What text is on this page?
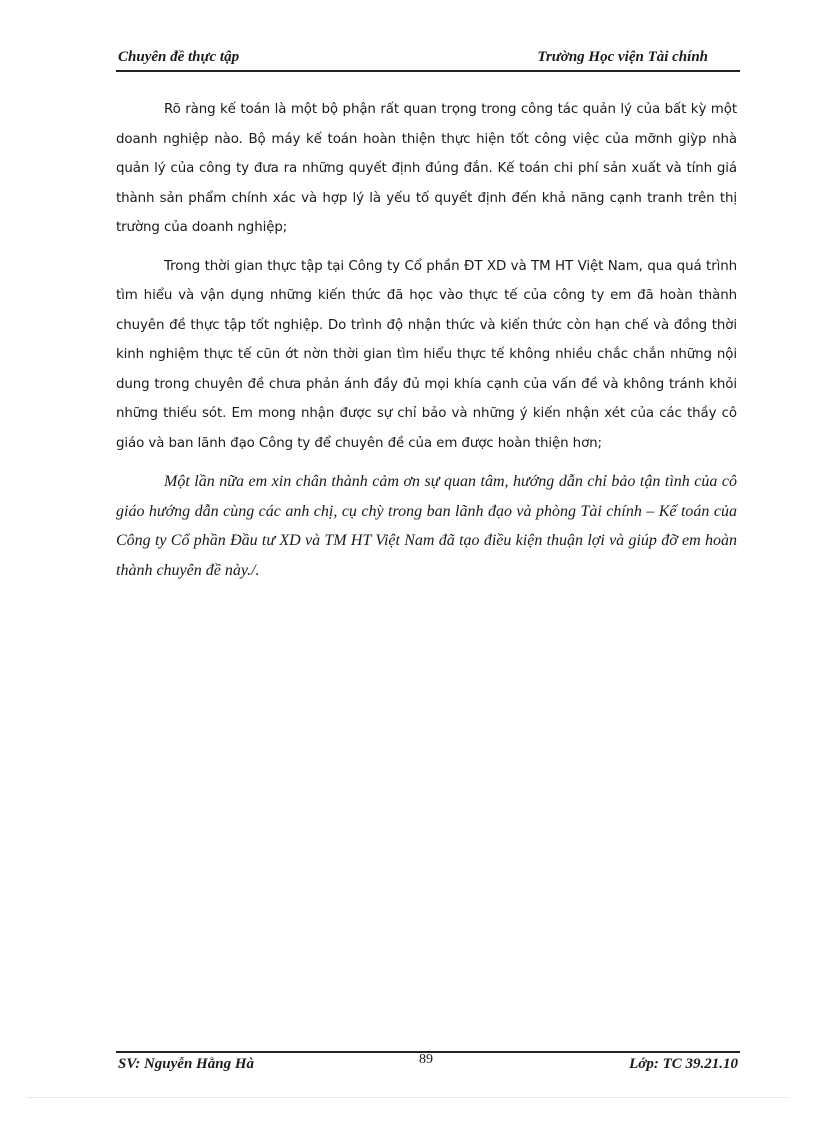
Chuyên đề thực tập	Trường Học viện Tài chính

Rõ ràng kế toán là một bộ phận rất quan trọng trong công tác quản lý của bất kỳ một doanh nghiệp nào. Bộ máy kế toán hoàn thiện thực hiện tốt công việc của mỡnh giỳp nhà quản lý của công ty đưa ra những quyết định đúng đắn. Kế toán chi phí sản xuất và tính giá thành sản phẩm chính xác và hợp lý là yếu tố quyết định đến khả năng cạnh tranh trên thị trường của doanh nghiệp;

Trong thời gian thực tập tại Công ty Cổ phần ĐT XD và TM HT Việt Nam, qua quá trình tìm hiểu và vận dụng những kiến thức đã học vào thực tế của công ty em đã hoàn thành chuyên đề thực tập tốt nghiệp. Do trình độ nhận thức và kiến thức còn hạn chế và đồng thời kinh nghiệm thực tế cũn ớt nờn thời gian tìm hiểu thực tế không nhiều chắc chắn những nội dung trong chuyên đề chưa phản ánh đầy đủ mọi khía cạnh của vấn đề và không tránh khỏi những thiếu sót. Em mong nhận được sự chỉ bảo và những ý kiến nhận xét của các thầy cô giáo và ban lãnh đạo Công ty để chuyên đề của em được hoàn thiện hơn;

Một lần nữa em xin chân thành cảm ơn sự quan tâm, hướng dẫn chỉ bảo tận tình của cô giáo hướng dẫn cùng các anh chị, cụ chỳ trong ban lãnh đạo và phòng Tài chính – Kế toán của Công ty Cổ phần Đầu tư XD và TM HT Việt Nam đã tạo điều kiện thuận lợi và giúp đỡ em hoàn thành chuyên đề này./.

SV: Nguyễn Hằng Hà	89	Lớp: TC 39.21.10
